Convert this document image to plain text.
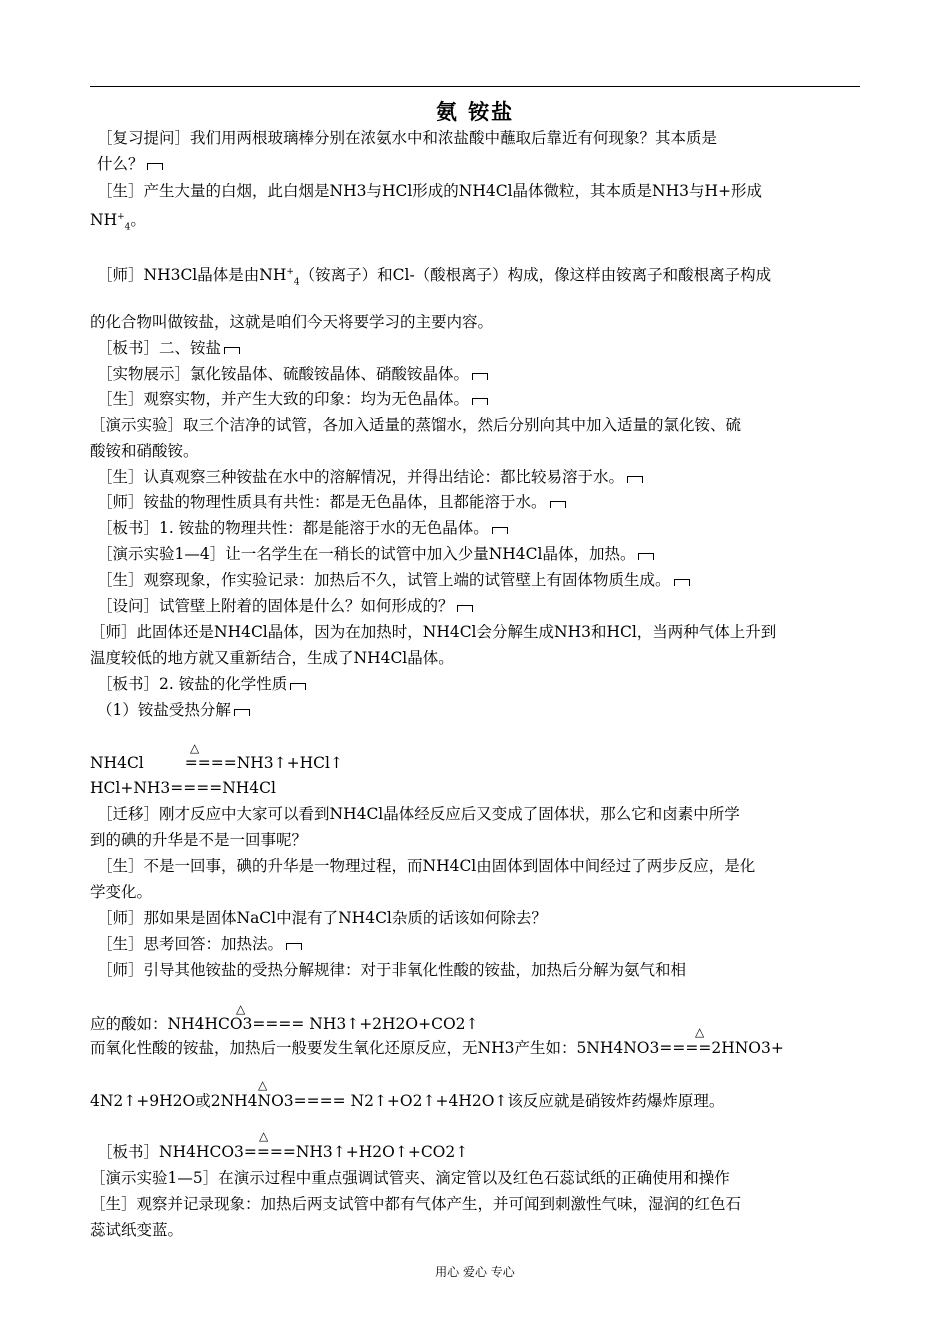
氨 铵盐
［复习提问］我们用两根玻璃棒分别在浓氨水中和浓盐酸中蘸取后靠近有何现象？其本质是
什么？
［生］产生大量的白烟，此白烟是NH3与HCl形成的NH4Cl晶体微粒，其本质是NH3与H+形成
$NH^+_4$。
［师］NH3Cl晶体是由$NH^+_4$（铵离子）和Cl-（酸根离子）构成，像这样由铵离子和酸根离子构成
的化合物叫做铵盐，这就是咱们今天将要学习的主要内容。
［板书］二、铵盐
［实物展示］氯化铵晶体、硫酸铵晶体、硝酸铵晶体。
［生］观察实物，并产生大致的印象：均为无色晶体。
［演示实验］取三个洁净的试管，各加入适量的蒸馏水，然后分别向其中加入适量的氯化铵、硫
酸铵和硝酸铵。
［生］认真观察三种铵盐在水中的溶解情况，并得出结论：都比较易溶于水。
［师］铵盐的物理性质具有共性：都是无色晶体，且都能溶于水。
［板书］1. 铵盐的物理共性：都是能溶于水的无色晶体。
［演示实验1—4］让一名学生在一稍长的试管中加入少量NH4Cl晶体，加热。
［生］观察现象，作实验记录：加热后不久，试管上端的试管壁上有固体物质生成。
［设问］试管壁上附着的固体是什么？如何形成的？
［师］此固体还是NH4Cl晶体，因为在加热时，NH4Cl会分解生成NH3和HCl，当两种气体上升到
温度较低的地方就又重新结合，生成了NH4Cl晶体。
［板书］2. 铵盐的化学性质
（1）铵盐受热分解
△
NH4Cl	====NH3↑+HCl↑
HCl+NH3====NH4Cl
［迁移］刚才反应中大家可以看到NH4Cl晶体经反应后又变成了固体状，那么它和卤素中所学
到的碘的升华是不是一回事呢？
［生］不是一回事，碘的升华是一物理过程，而NH4Cl由固体到固体中间经过了两步反应，是化
学变化。
［师］那如果是固体NaCl中混有了NH4Cl杂质的话该如何除去？
［生］思考回答：加热法。
［师］引导其他铵盐的受热分解规律：对于非氧化性酸的铵盐，加热后分解为氨气和相
△
应的酸如：NH4HCO3==== NH3↑+2H2O+CO2↑	△
而氧化性酸的铵盐，加热后一般要发生氧化还原反应，无NH3产生如：5NH4NO3====2HNO3+
△
4N2↑+9H2O或2NH4NO3==== N2↑+O2↑+4H2O↑该反应就是硝铵炸药爆炸原理。
△
［板书］NH4HCO3====NH3↑+H2O↑+CO2↑
［演示实验1—5］在演示过程中重点强调试管夹、滴定管以及红色石蕊试纸的正确使用和操作
［生］观察并记录现象：加热后两支试管中都有气体产生，并可闻到刺激性气味，湿润的红色石
蕊试纸变蓝。
用心 爱心 专心
